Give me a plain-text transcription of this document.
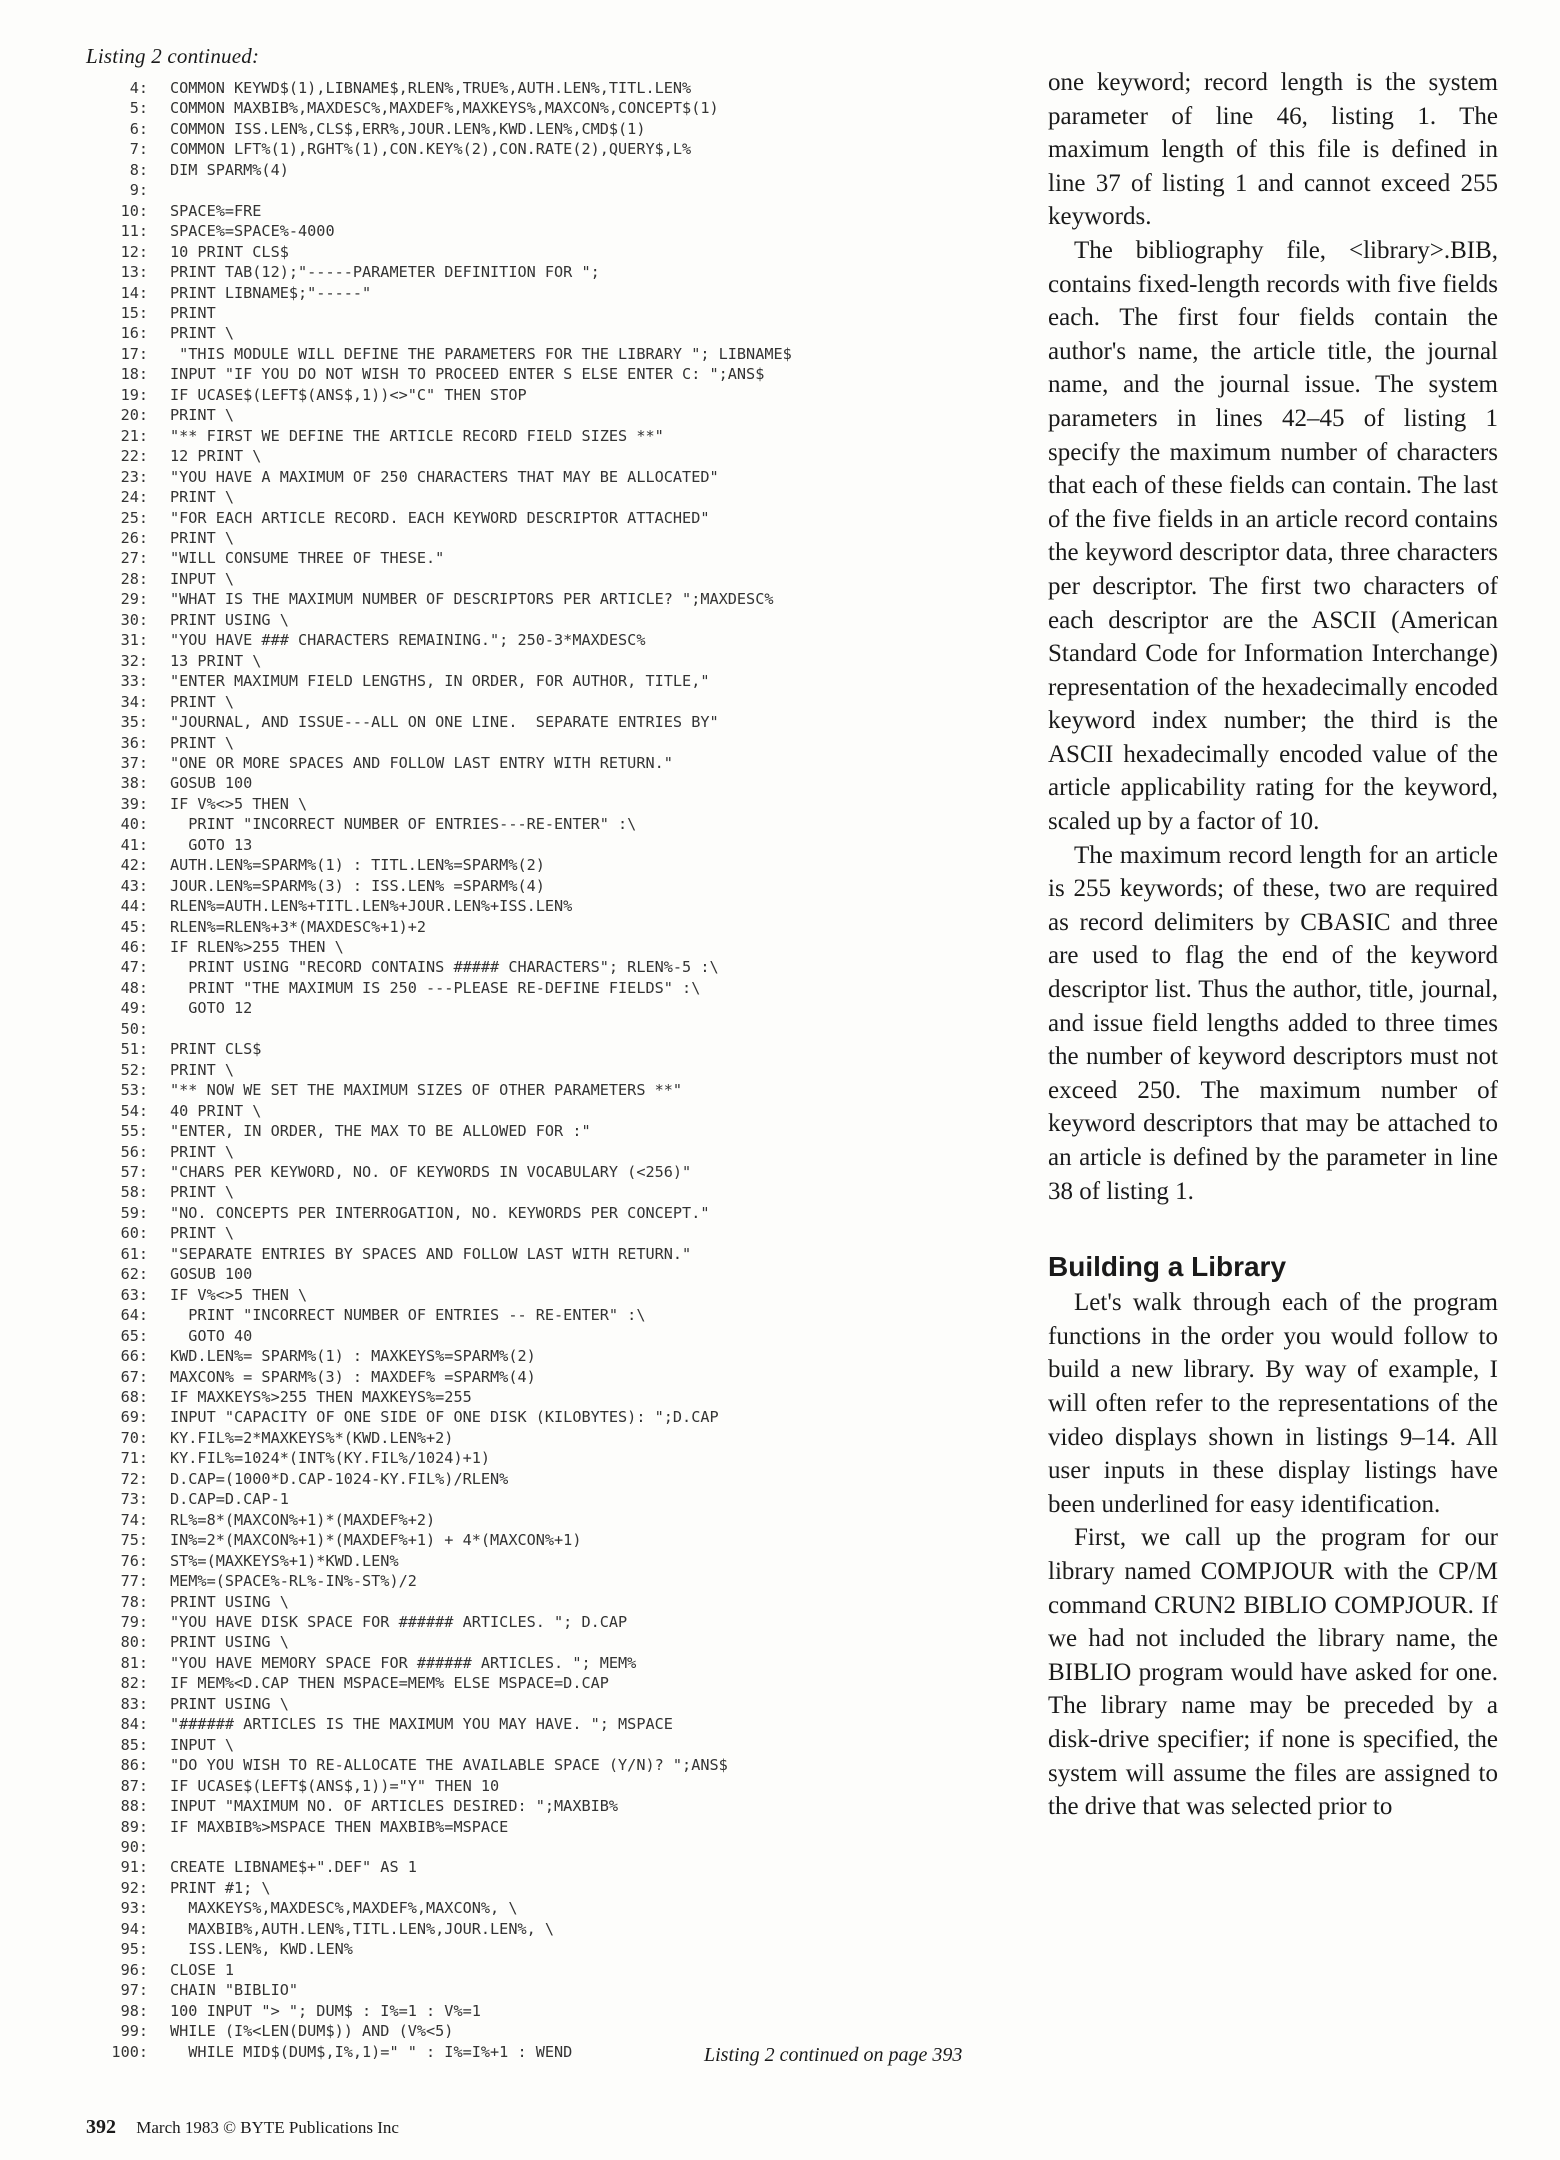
Listing 2 continued:
4:	COMMON KEYWD$(1),LIBNAME$,RLEN%,TRUE%,AUTH.LEN%,TITL.LEN%
5:	COMMON MAXBIB%,MAXDESC%,MAXDEF%,MAXKEYS%,MAXCON%,CONCEPT$(1)
6:	COMMON ISS.LEN%,CLS$,ERR%,JOUR.LEN%,KWD.LEN%,CMD$(1)
7:	COMMON LFT%(1),RGHT%(1),CON.KEY%(2),CON.RATE(2),QUERY$,L%
8:	DIM SPARM%(4)
9:
10:	SPACE%=FRE
11:	SPACE%=SPACE%-4000
12:	10 PRINT CLS$
13:	PRINT TAB(12);"-----PARAMETER DEFINITION FOR ";
14:	PRINT LIBNAME$;"-----"
15:	PRINT
16:	PRINT \
17:	"THIS MODULE WILL DEFINE THE PARAMETERS FOR THE LIBRARY "; LIBNAME$
18:	INPUT "IF YOU DO NOT WISH TO PROCEED ENTER S ELSE ENTER C: ";ANS$
19:	IF UCASE$(LEFT$(ANS$,1))<>"C" THEN STOP
20:	PRINT \
21:	"** FIRST WE DEFINE THE ARTICLE RECORD FIELD SIZES **"
22:	12 PRINT \
23:	"YOU HAVE A MAXIMUM OF 250 CHARACTERS THAT MAY BE ALLOCATED"
24:	PRINT \
25:	"FOR EACH ARTICLE RECORD. EACH KEYWORD DESCRIPTOR ATTACHED"
26:	PRINT \
27:	"WILL CONSUME THREE OF THESE."
28:	INPUT \
29:	"WHAT IS THE MAXIMUM NUMBER OF DESCRIPTORS PER ARTICLE? ";MAXDESC%
30:	PRINT USING \
31:	"YOU HAVE ### CHARACTERS REMAINING."; 250-3*MAXDESC%
32:	13 PRINT \
33:	"ENTER MAXIMUM FIELD LENGTHS, IN ORDER, FOR AUTHOR, TITLE,"
34:	PRINT \
35:	"JOURNAL, AND ISSUE---ALL ON ONE LINE.  SEPARATE ENTRIES BY"
36:	PRINT \
37:	"ONE OR MORE SPACES AND FOLLOW LAST ENTRY WITH RETURN."
38:	GOSUB 100
39:	IF V%<>5 THEN \
40:	PRINT "INCORRECT NUMBER OF ENTRIES---RE-ENTER" :\
41:	GOTO 13
42:	AUTH.LEN%=SPARM%(1) : TITL.LEN%=SPARM%(2)
43:	JOUR.LEN%=SPARM%(3) : ISS.LEN% =SPARM%(4)
44:	RLEN%=AUTH.LEN%+TITL.LEN%+JOUR.LEN%+ISS.LEN%
45:	RLEN%=RLEN%+3*(MAXDESC%+1)+2
46:	IF RLEN%>255 THEN \
47:	PRINT USING "RECORD CONTAINS ##### CHARACTERS"; RLEN%-5 :\
48:	PRINT "THE MAXIMUM IS 250 ---PLEASE RE-DEFINE FIELDS" :\
49:	GOTO 12
50:
51:	PRINT CLS$
52:	PRINT \
53:	"** NOW WE SET THE MAXIMUM SIZES OF OTHER PARAMETERS **"
54:	40 PRINT \
55:	"ENTER, IN ORDER, THE MAX TO BE ALLOWED FOR :"
56:	PRINT \
57:	"CHARS PER KEYWORD, NO. OF KEYWORDS IN VOCABULARY (<256)"
58:	PRINT \
59:	"NO. CONCEPTS PER INTERROGATION, NO. KEYWORDS PER CONCEPT."
60:	PRINT \
61:	"SEPARATE ENTRIES BY SPACES AND FOLLOW LAST WITH RETURN."
62:	GOSUB 100
63:	IF V%<>5 THEN \
64:	PRINT "INCORRECT NUMBER OF ENTRIES -- RE-ENTER" :\
65:	GOTO 40
66:	KWD.LEN%= SPARM%(1) : MAXKEYS%=SPARM%(2)
67:	MAXCON% = SPARM%(3) : MAXDEF% =SPARM%(4)
68:	IF MAXKEYS%>255 THEN MAXKEYS%=255
69:	INPUT "CAPACITY OF ONE SIDE OF ONE DISK (KILOBYTES): ";D.CAP
70:	KY.FIL%=2*MAXKEYS%*(KWD.LEN%+2)
71:	KY.FIL%=1024*(INT%(KY.FIL%/1024)+1)
72:	D.CAP=(1000*D.CAP-1024-KY.FIL%)/RLEN%
73:	D.CAP=D.CAP-1
74:	RL%=8*(MAXCON%+1)*(MAXDEF%+2)
75:	IN%=2*(MAXCON%+1)*(MAXDEF%+1) + 4*(MAXCON%+1)
76:	ST%=(MAXKEYS%+1)*KWD.LEN%
77:	MEM%=(SPACE%-RL%-IN%-ST%)/2
78:	PRINT USING \
79:	"YOU HAVE DISK SPACE FOR ###### ARTICLES. "; D.CAP
80:	PRINT USING \
81:	"YOU HAVE MEMORY SPACE FOR ###### ARTICLES. "; MEM%
82:	IF MEM%<D.CAP THEN MSPACE=MEM% ELSE MSPACE=D.CAP
83:	PRINT USING \
84:	"###### ARTICLES IS THE MAXIMUM YOU MAY HAVE. "; MSPACE
85:	INPUT \
86:	"DO YOU WISH TO RE-ALLOCATE THE AVAILABLE SPACE (Y/N)? ";ANS$
87:	IF UCASE$(LEFT$(ANS$,1))="Y" THEN 10
88:	INPUT "MAXIMUM NO. OF ARTICLES DESIRED: ";MAXBIB%
89:	IF MAXBIB%>MSPACE THEN MAXBIB%=MSPACE
90:
91:	CREATE LIBNAME$+".DEF" AS 1
92:	PRINT #1; \
93:	MAXKEYS%,MAXDESC%,MAXDEF%,MAXCON%, \
94:	MAXBIB%,AUTH.LEN%,TITL.LEN%,JOUR.LEN%, \
95:	ISS.LEN%, KWD.LEN%
96:	CLOSE 1
97:	CHAIN "BIBLIO"
98:	100 INPUT "> "; DUM$ : I%=1 : V%=1
99:	WHILE (I%<LEN(DUM$)) AND (V%<5)
100:	WHILE MID$(DUM$,I%,1)=" " : I%=I%+1 : WEND	Listing 2 continued on page 393

one keyword; record length is the system parameter of line 46, listing 1. The maximum length of this file is defined in line 37 of listing 1 and cannot exceed 255 keywords.

The bibliography file, <library>.BIB, contains fixed-length records with five fields each. The first four fields contain the author's name, the article title, the journal name, and the journal issue. The system parameters in lines 42–45 of listing 1 specify the maximum number of characters that each of these fields can contain. The last of the five fields in an article record contains the keyword descriptor data, three characters per descriptor. The first two characters of each descriptor are the ASCII (American Standard Code for Information Interchange) representation of the hexadecimally encoded keyword index number; the third is the ASCII hexadecimally encoded value of the article applicability rating for the keyword, scaled up by a factor of 10.

The maximum record length for an article is 255 keywords; of these, two are required as record delimiters by CBASIC and three are used to flag the end of the keyword descriptor list. Thus the author, title, journal, and issue field lengths added to three times the number of keyword descriptors must not exceed 250. The maximum number of keyword descriptors that may be attached to an article is defined by the parameter in line 38 of listing 1.

Building a Library

Let's walk through each of the program functions in the order you would follow to build a new library. By way of example, I will often refer to the representations of the video displays shown in listings 9–14. All user inputs in these display listings have been underlined for easy identification.

First, we call up the program for our library named COMPJOUR with the CP/M command CRUN2 BIBLIO COMPJOUR. If we had not included the library name, the BIBLIO program would have asked for one. The library name may be preceded by a disk-drive specifier; if none is specified, the system will assume the files are assigned to the drive that was selected prior to

392 March 1983 © BYTE Publications Inc
